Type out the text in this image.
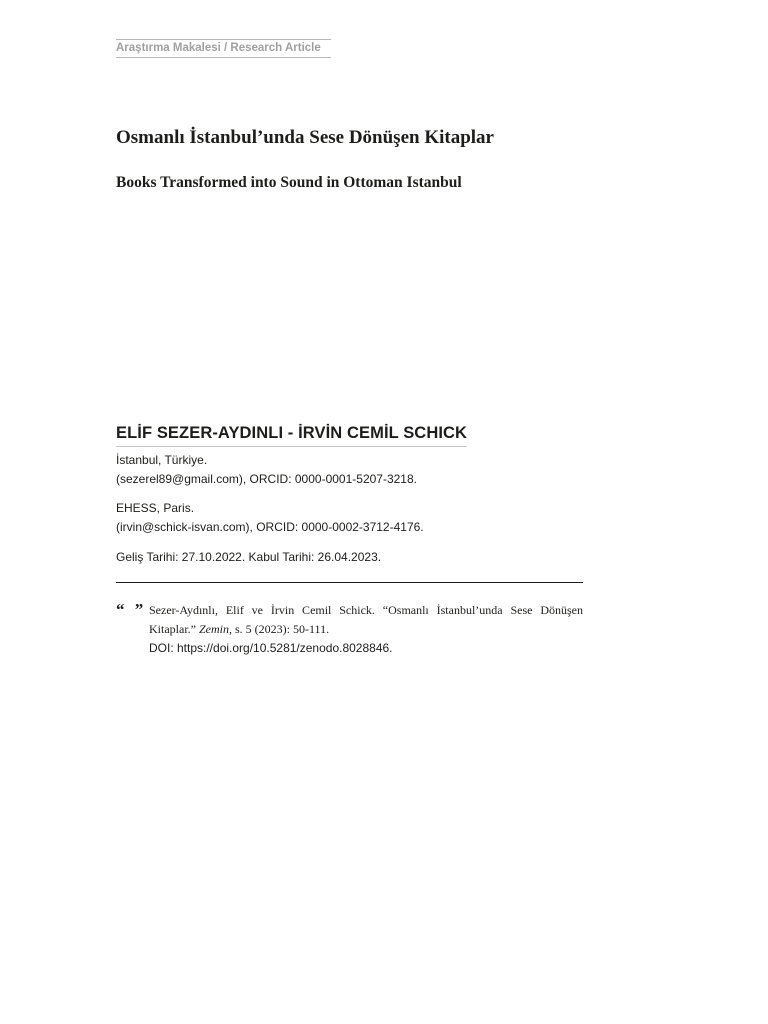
Araştırma Makalesi / Research Article
Osmanlı İstanbul’unda Sese Dönüşen Kitaplar
Books Transformed into Sound in Ottoman Istanbul
ELİF SEZER-AYDINLI - İRVİN CEMİL SCHICK
İstanbul, Türkiye.
(sezerel89@gmail.com), ORCID: 0000-0001-5207-3218.
EHESS, Paris.
(irvin@schick-isvan.com), ORCID: 0000-0002-3712-4176.
Geliş Tarihi: 27.10.2022. Kabul Tarihi: 26.04.2023.
“ ” Sezer-Aydınlı, Elif ve İrvin Cemil Schick. “Osmanlı İstanbul’unda Sese Dönüşen Kitaplar.” Zemin, s. 5 (2023): 50-111.
DOI: https://doi.org/10.5281/zenodo.8028846.
